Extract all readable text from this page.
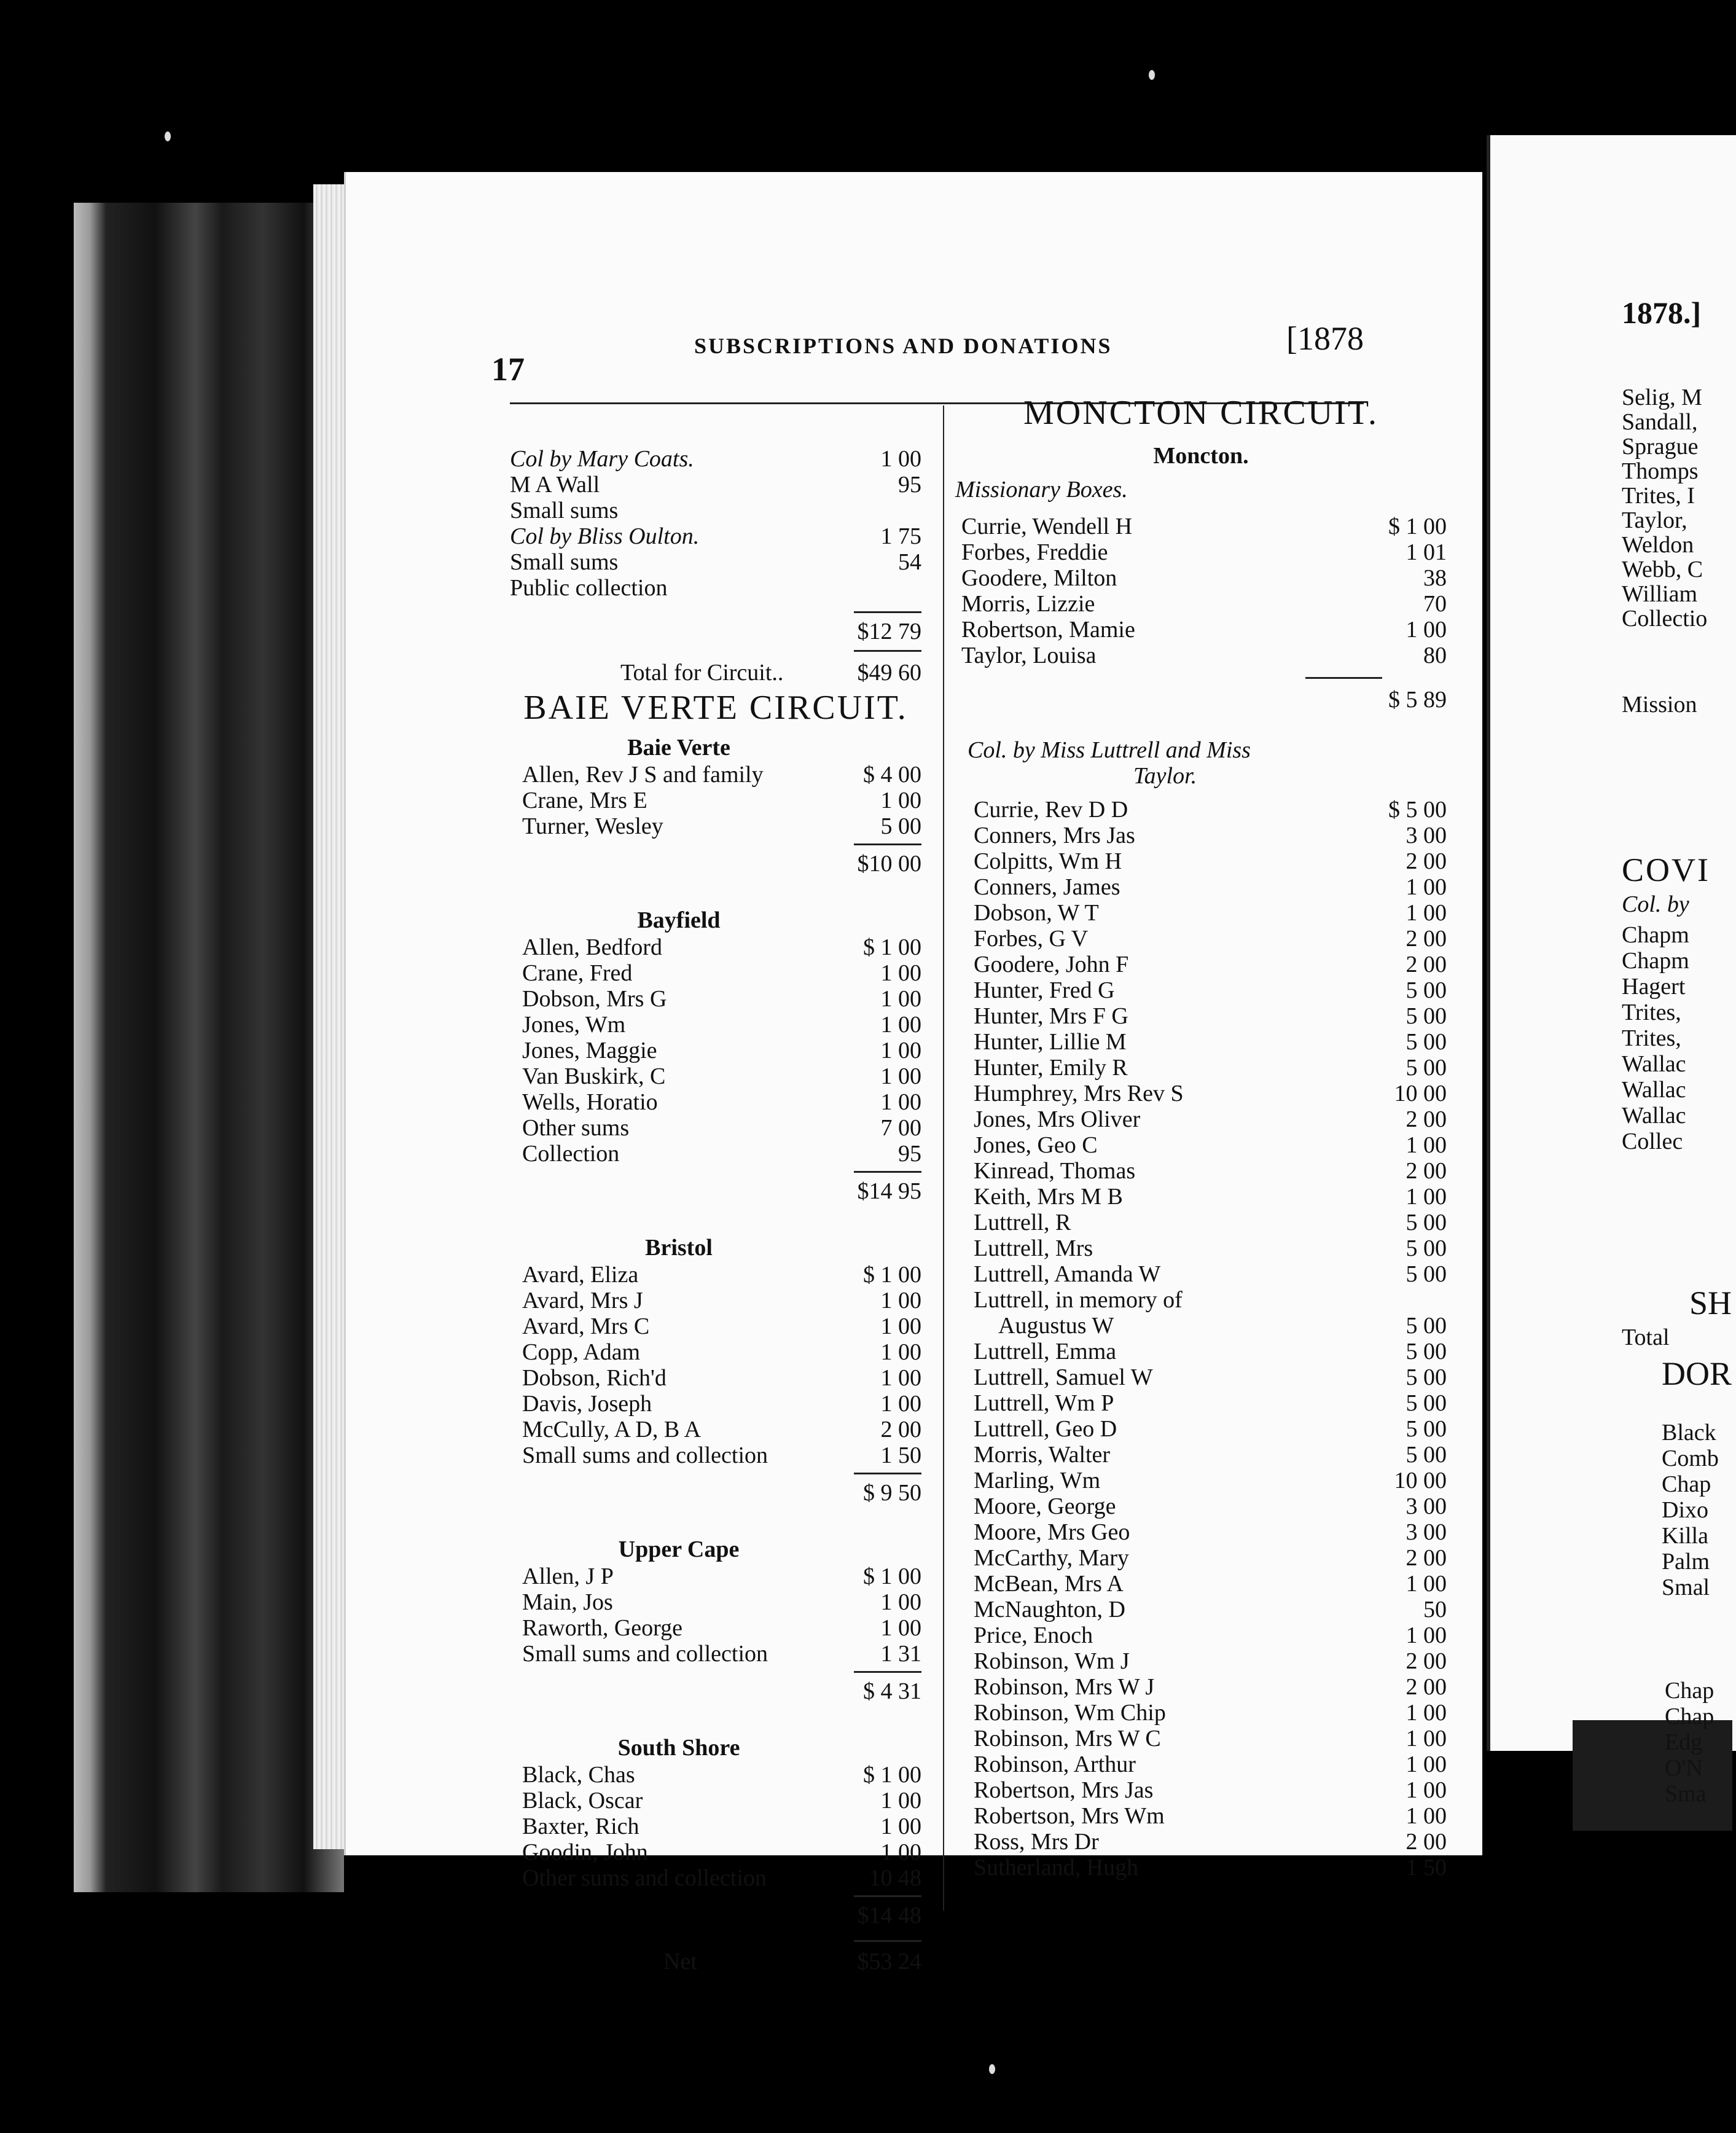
17
SUBSCRIPTIONS AND DONATIONS	[1878
Col by Mary Coats.	1 00
M A Wall	95
Small sums
Col by Bliss Oulton.	1 75
Small sums	54
Public collection
$12 79
Total for Circuit..	$49 60
BAIE VERTE CIRCUIT.
Baie Verte
Allen, Rev J S and family	$ 4 00
Crane, Mrs E	1 00
Turner, Wesley	5 00
$10 00
Bayfield
Allen, Bedford	$ 1 00
Crane, Fred	1 00
Dobson, Mrs G	1 00
Jones, Wm	1 00
Jones, Maggie	1 00
Van Buskirk, C	1 00
Wells, Horatio	1 00
Other sums	7 00
Collection	95
$14 95
Bristol
Avard, Eliza	$ 1 00
Avard, Mrs J	1 00
Avard, Mrs C	1 00
Copp, Adam	1 00
Dobson, Rich'd	1 00
Davis, Joseph	1 00
McCully, A D, B A	2 00
Small sums and collection	1 50
$ 9 50
Upper Cape
Allen, J P	$ 1 00
Main, Jos	1 00
Raworth, George	1 00
Small sums and collection	1 31
$ 4 31
South Shore
Black, Chas	$ 1 00
Black, Oscar	1 00
Baxter, Rich	1 00
Goodin, John	1 00
Other sums and collection	10 48
$14 48
Net	$53 24
MONCTON CIRCUIT.
Moncton.
Missionary Boxes.
Currie, Wendell H	$ 1 00
Forbes, Freddie	1 01
Goodere, Milton	38
Morris, Lizzie	70
Robertson, Mamie	1 00
Taylor, Louisa	80
$ 5 89
Col. by Miss Luttrell and Miss
Taylor.
Currie, Rev D D	$ 5 00
Conners, Mrs Jas	3 00
Colpitts, Wm H	2 00
Conners, James	1 00
Dobson, W T	1 00
Forbes, G V	2 00
Goodere, John F	2 00
Hunter, Fred G	5 00
Hunter, Mrs F G	5 00
Hunter, Lillie M	5 00
Hunter, Emily R	5 00
Humphrey, Mrs Rev S	10 00
Jones, Mrs Oliver	2 00
Jones, Geo C	1 00
Kinread, Thomas	2 00
Keith, Mrs M B	1 00
Luttrell, R	5 00
Luttrell, Mrs	5 00
Luttrell, Amanda W	5 00
Luttrell, in memory of
Augustus W	5 00
Luttrell, Emma	5 00
Luttrell, Samuel W	5 00
Luttrell, Wm P	5 00
Luttrell, Geo D	5 00
Morris, Walter	5 00
Marling, Wm	10 00
Moore, George	3 00
Moore, Mrs Geo	3 00
McCarthy, Mary	2 00
McBean, Mrs A	1 00
McNaughton, D	50
Price, Enoch	1 00
Robinson, Wm J	2 00
Robinson, Mrs W J	2 00
Robinson, Wm Chip	1 00
Robinson, Mrs W C	1 00
Robinson, Arthur	1 00
Robertson, Mrs Jas	1 00
Robertson, Mrs Wm	1 00
Ross, Mrs Dr	2 00
Sutherland, Hugh	1 50
1878.]
Selig, M
Sandall,
Sprague
Thomps
Trites, I
Taylor,
Weldon
Webb, C
William
Collectio
Mission
COVI
Col. by
Chapm
Chapm
Hagert
Trites,
Trites,
Wallac
Wallac
Wallac
Collec
SH
Total
DOR
Black
Comb
Chap
Dixo
Killa
Palm
Smal
Chap
Chap
Edg
O'N
Sma
